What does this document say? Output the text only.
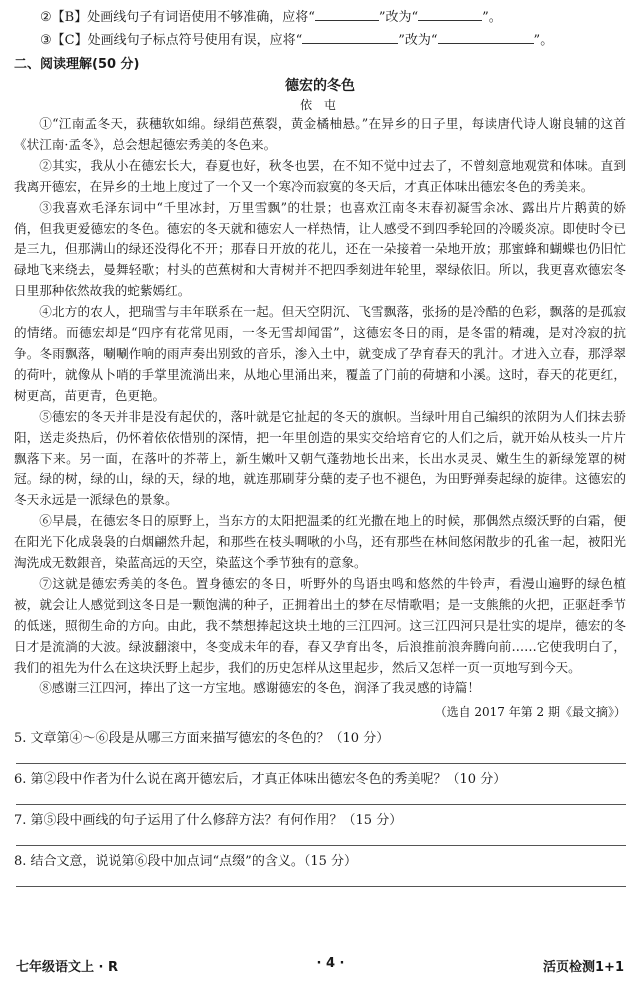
②【B】处画线句子有词语使用不够准确，应将“	”改为“	”。
③【C】处画线句子标点符号使用有误，应将“	”改为“	”。
二、阅读理解(50 分)
德宏的冬色
依 屯

①“江南孟冬天，荻穗软如绵。绿绢芭蕉裂，黄金橘柚悬。”在异乡的日子里，每读唐代诗人谢良辅的这首《状江南·孟冬》，总会想起德宏秀美的冬色来。

②其实，我从小在德宏长大，春夏也好，秋冬也罢，在不知不觉中过去了，不曾刻意地观赏和体味。直到我离开德宏，在异乡的土地上度过了一个又一个寒冷而寂寞的冬天后，才真正体味出德宏冬色的秀美来。

③我喜欢毛泽东词中“千里冰封，万里雪飘”的壮景；也喜欢江南冬末春初凝雪余冰、露出片片鹅黄的娇俏，但我更爱德宏的冬色。德宏的冬天就和德宏人一样热情，让人感受不到四季轮回的冷暖炎凉。即使时令已是三九，但那满山的绿还没得化不开；那春日开放的花儿，还在一朵接着一朵地开放；那蜜蜂和蝴蝶也仍旧忙碌地飞来绕去，曼舞轻歌；村头的芭蕉树和大青树并不把四季刻进年轮里，翠绿依旧。所以，我更喜欢德宏冬日里那种依然故我的蛇紫嫣红。

④北方的农人，把瑞雪与丰年联系在一起。但天空阴沉、飞雪飘落，张扬的是冷酷的色彩，飘落的是孤寂的情绪。而德宏却是“四序有花常见雨，一冬无雪却闻雷”，这德宏冬日的雨，是冬雷的精魂，是对冷寂的抗争。冬雨飘落，唰唰作响的雨声奏出别致的音乐，渗入土中，就变成了孕育春天的乳汁。才进入立春，那浮翠的荷叶，就像从卜哨的手掌里流淌出来，从地心里涌出来，覆盖了门前的荷塘和小溪。这时，春天的花更红，树更高，苗更青，色更艳。

⑤德宏的冬天并非是没有起伏的，落叶就是它扯起的冬天的旗帜。当绿叶用自己编织的浓阴为人们抹去骄阳，送走炎热后，仍怀着依依惜别的深情，把一年里创造的果实交给培育它的人们之后，就开始从枝头一片片飘落下来。另一面，在落叶的芥蒂上，新生嫩叶又朝气蓬勃地长出来，长出水灵灵、嫩生生的新绿笼罩的树冠。绿的树，绿的山，绿的天，绿的地，就连那刷芽分蘖的麦子也不褪色，为田野弹奏起绿的旋律。这德宏的冬天永远是一派绿色的景象。

⑥早晨，在德宏冬日的原野上，当东方的太阳把温柔的红光撒在地上的时候，那偶然点缀沃野的白霜，便在阳光下化成袅袅的白烟翩然升起，和那些在枝头啁啾的小鸟，还有那些在林间悠闲散步的孔雀一起，被阳光淘洗成无数銀音，染蓝高远的天空，染蓝这个季节独有的意象。

⑦这就是德宏秀美的冬色。置身德宏的冬日，听野外的鸟语虫鸣和悠然的牛铃声，看漫山遍野的绿色植被，就会让人感觉到这冬日是一颗饱满的种子，正拥着出土的梦在尽情歌唱；是一支熊熊的火把，正驱赶季节的低迷，照彻生命的方向。由此，我不禁想捧起这块土地的三江四河。这三江四河只是壮实的堤岸，德宏的冬日才是流淌的大波。绿波翻滚中，冬变成未年的春，春又孕育出冬，后浪推前浪奔腾向前……它使我明白了，我们的祖先为什么在这块沃野上起步，我们的历史怎样从这里起步，然后又怎样一页一页地写到今天。

⑧感谢三江四河，捧出了这一方宝地。感谢德宏的冬色，润泽了我灵感的诗篇！

（选自 2017 年第 2 期《最文摘》）
5. 文章第④～⑥段是从哪三方面来描写德宏的冬色的？（10 分）
6. 第②段中作者为什么说在离开德宏后，才真正体味出德宏冬色的秀美呢？（10 分）
7. 第⑤段中画线的句子运用了什么修辞方法？有何作用？（15 分）
8. 结合文意，说说第⑥段中加点词“点缀”的含义。（15 分）
七年级语文上 · R	· 4 ·	活页检测1+1
